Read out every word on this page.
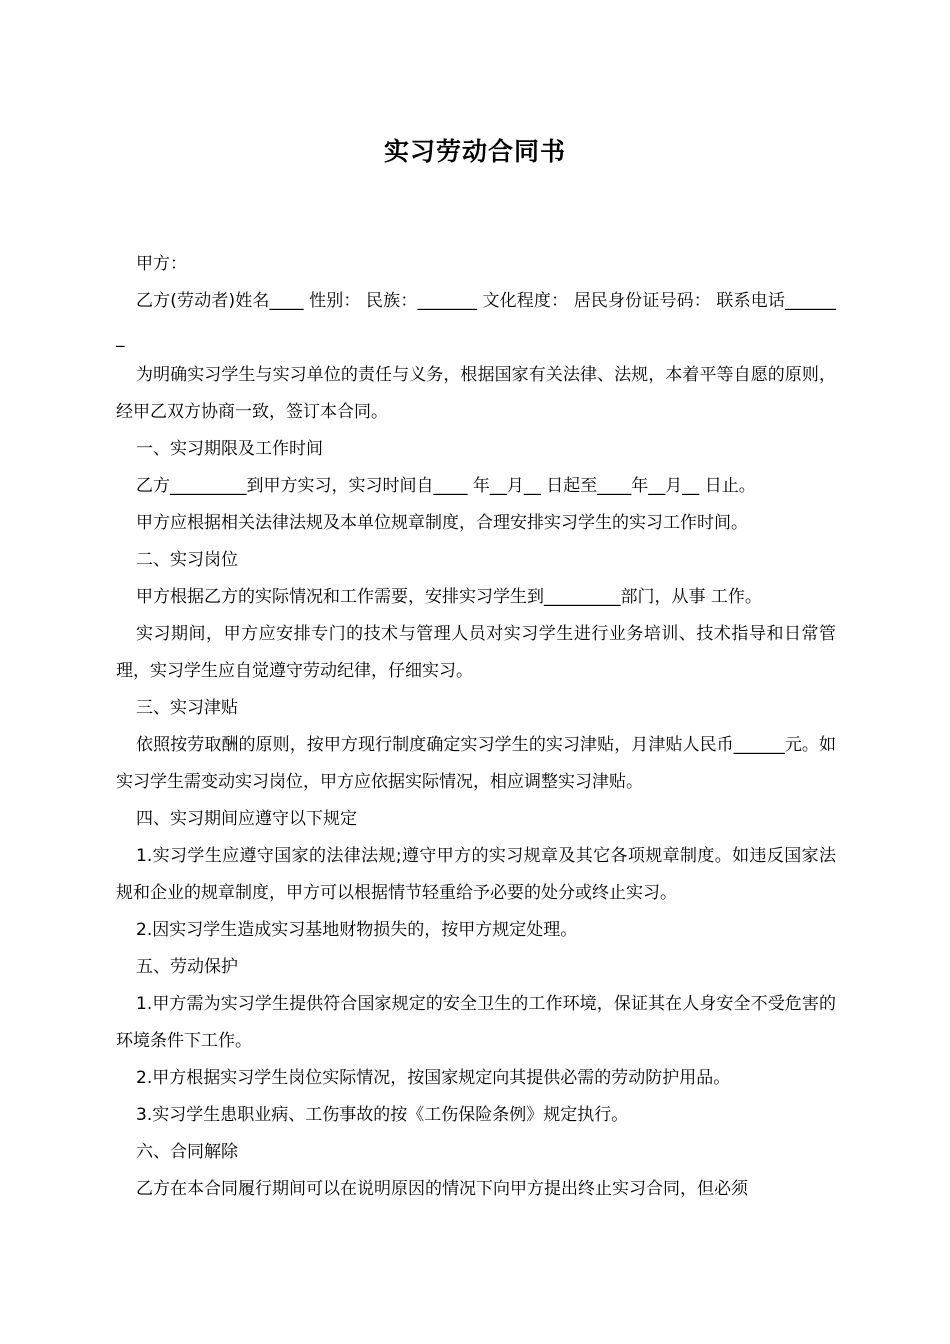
实习劳动合同书

甲方：

乙方(劳动者)姓名____ 性别： 民族：_______ 文化程度： 居民身份证号码： 联系电话_______

为明确实习学生与实习单位的责任与义务，根据国家有关法律、法规，本着平等自愿的原则，经甲乙双方协商一致，签订本合同。

一、实习期限及工作时间

乙方_________到甲方实习，实习时间自____ 年__月__ 日起至____年__月__ 日止。

甲方应根据相关法律法规及本单位规章制度，合理安排实习学生的实习工作时间。

二、实习岗位

甲方根据乙方的实际情况和工作需要，安排实习学生到_________部门，从事 工作。

实习期间，甲方应安排专门的技术与管理人员对实习学生进行业务培训、技术指导和日常管理，实习学生应自觉遵守劳动纪律，仔细实习。

三、实习津贴

依照按劳取酬的原则，按甲方现行制度确定实习学生的实习津贴，月津贴人民币______元。如实习学生需变动实习岗位，甲方应依据实际情况，相应调整实习津贴。

四、实习期间应遵守以下规定

1.实习学生应遵守国家的法律法规;遵守甲方的实习规章及其它各项规章制度。如违反国家法规和企业的规章制度，甲方可以根据情节轻重给予必要的处分或终止实习。

2.因实习学生造成实习基地财物损失的，按甲方规定处理。

五、劳动保护

1.甲方需为实习学生提供符合国家规定的安全卫生的工作环境，保证其在人身安全不受危害的环境条件下工作。

2.甲方根据实习学生岗位实际情况，按国家规定向其提供必需的劳动防护用品。

3.实习学生患职业病、工伤事故的按《工伤保险条例》规定执行。

六、合同解除

乙方在本合同履行期间可以在说明原因的情况下向甲方提出终止实习合同，但必须
